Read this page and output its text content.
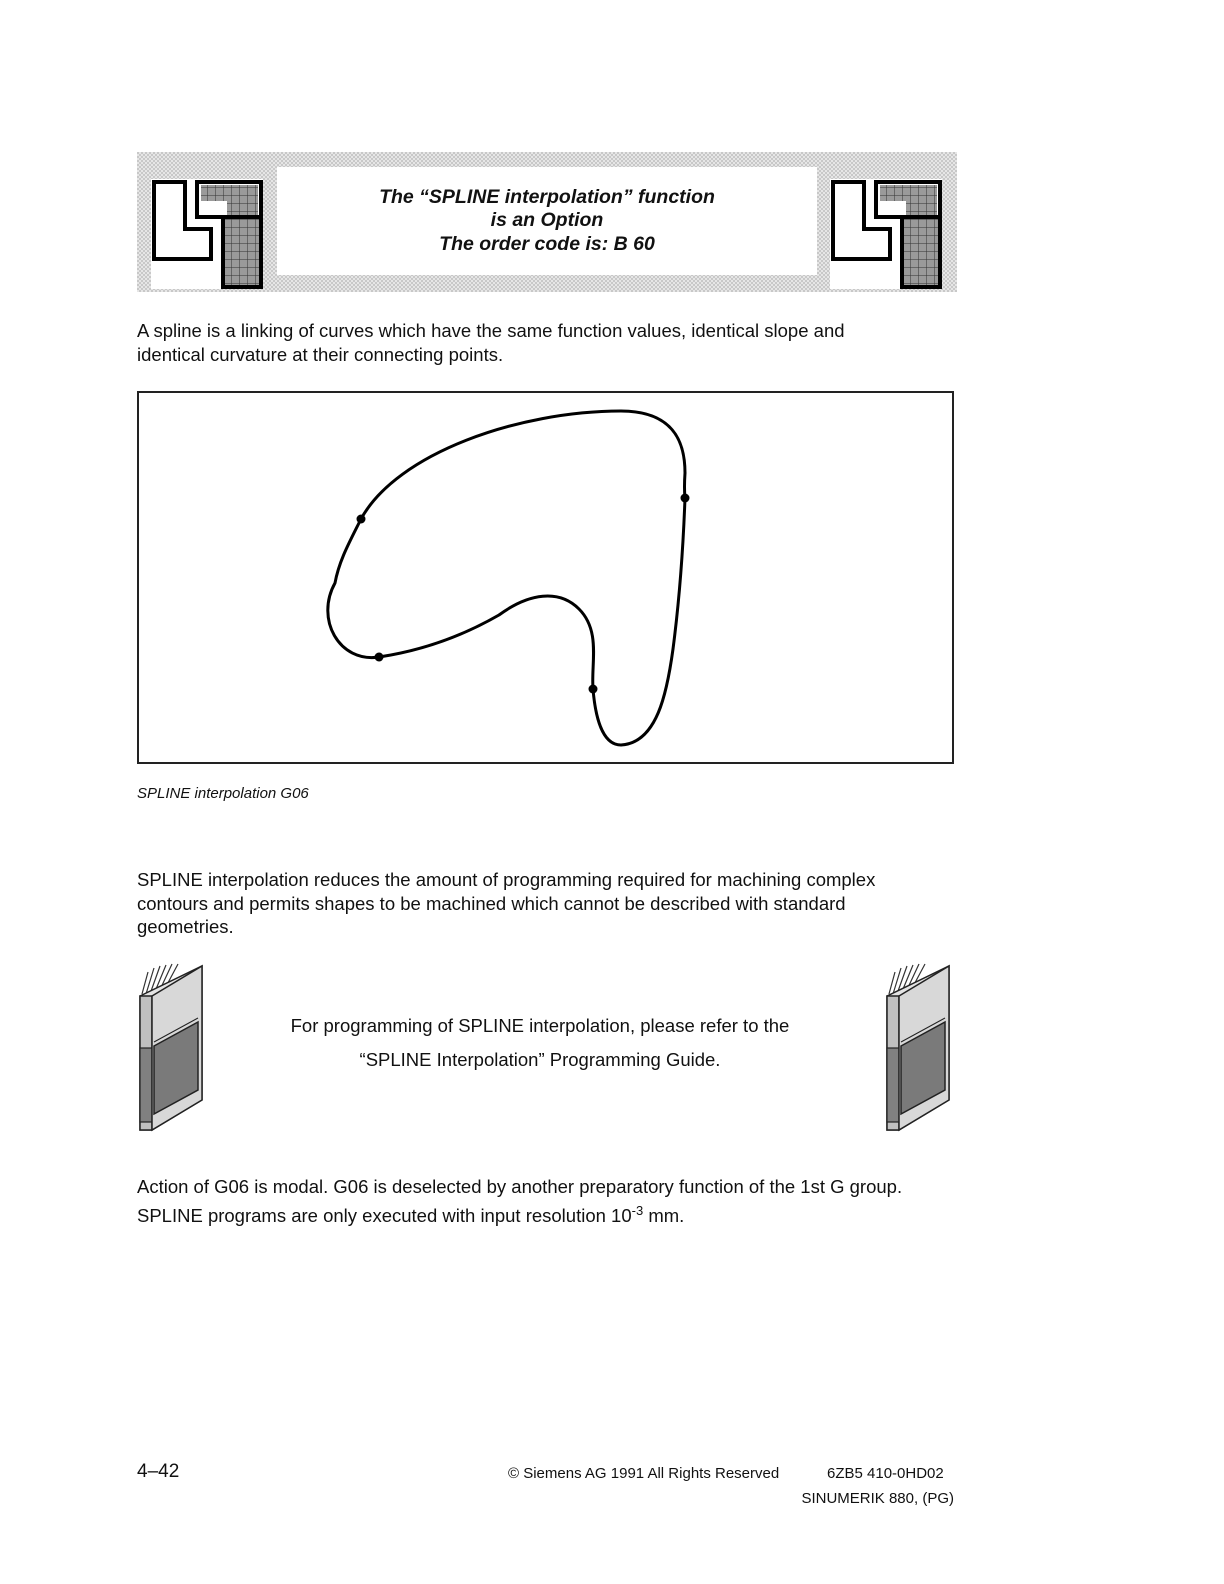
The “SPLINE interpolation” function
is an Option
The order code is: B 60
A spline is a linking of curves which have the same function values, identical slope and
identical curvature at their connecting points.
SPLINE interpolation G06
SPLINE interpolation reduces the amount of programming required for machining complex
contours and permits shapes to be machined which cannot be described with standard
geometries.
For programming of SPLINE interpolation, please refer to the
“SPLINE Interpolation” Programming Guide.
Action of G06 is modal. G06 is deselected by another preparatory function of the 1st G group.
SPLINE programs are only executed with input resolution $10^{-3}$ mm.
4–42	© Siemens AG 1991 All Rights Reserved	6ZB5 410-0HD02
SINUMERIK 880, (PG)
